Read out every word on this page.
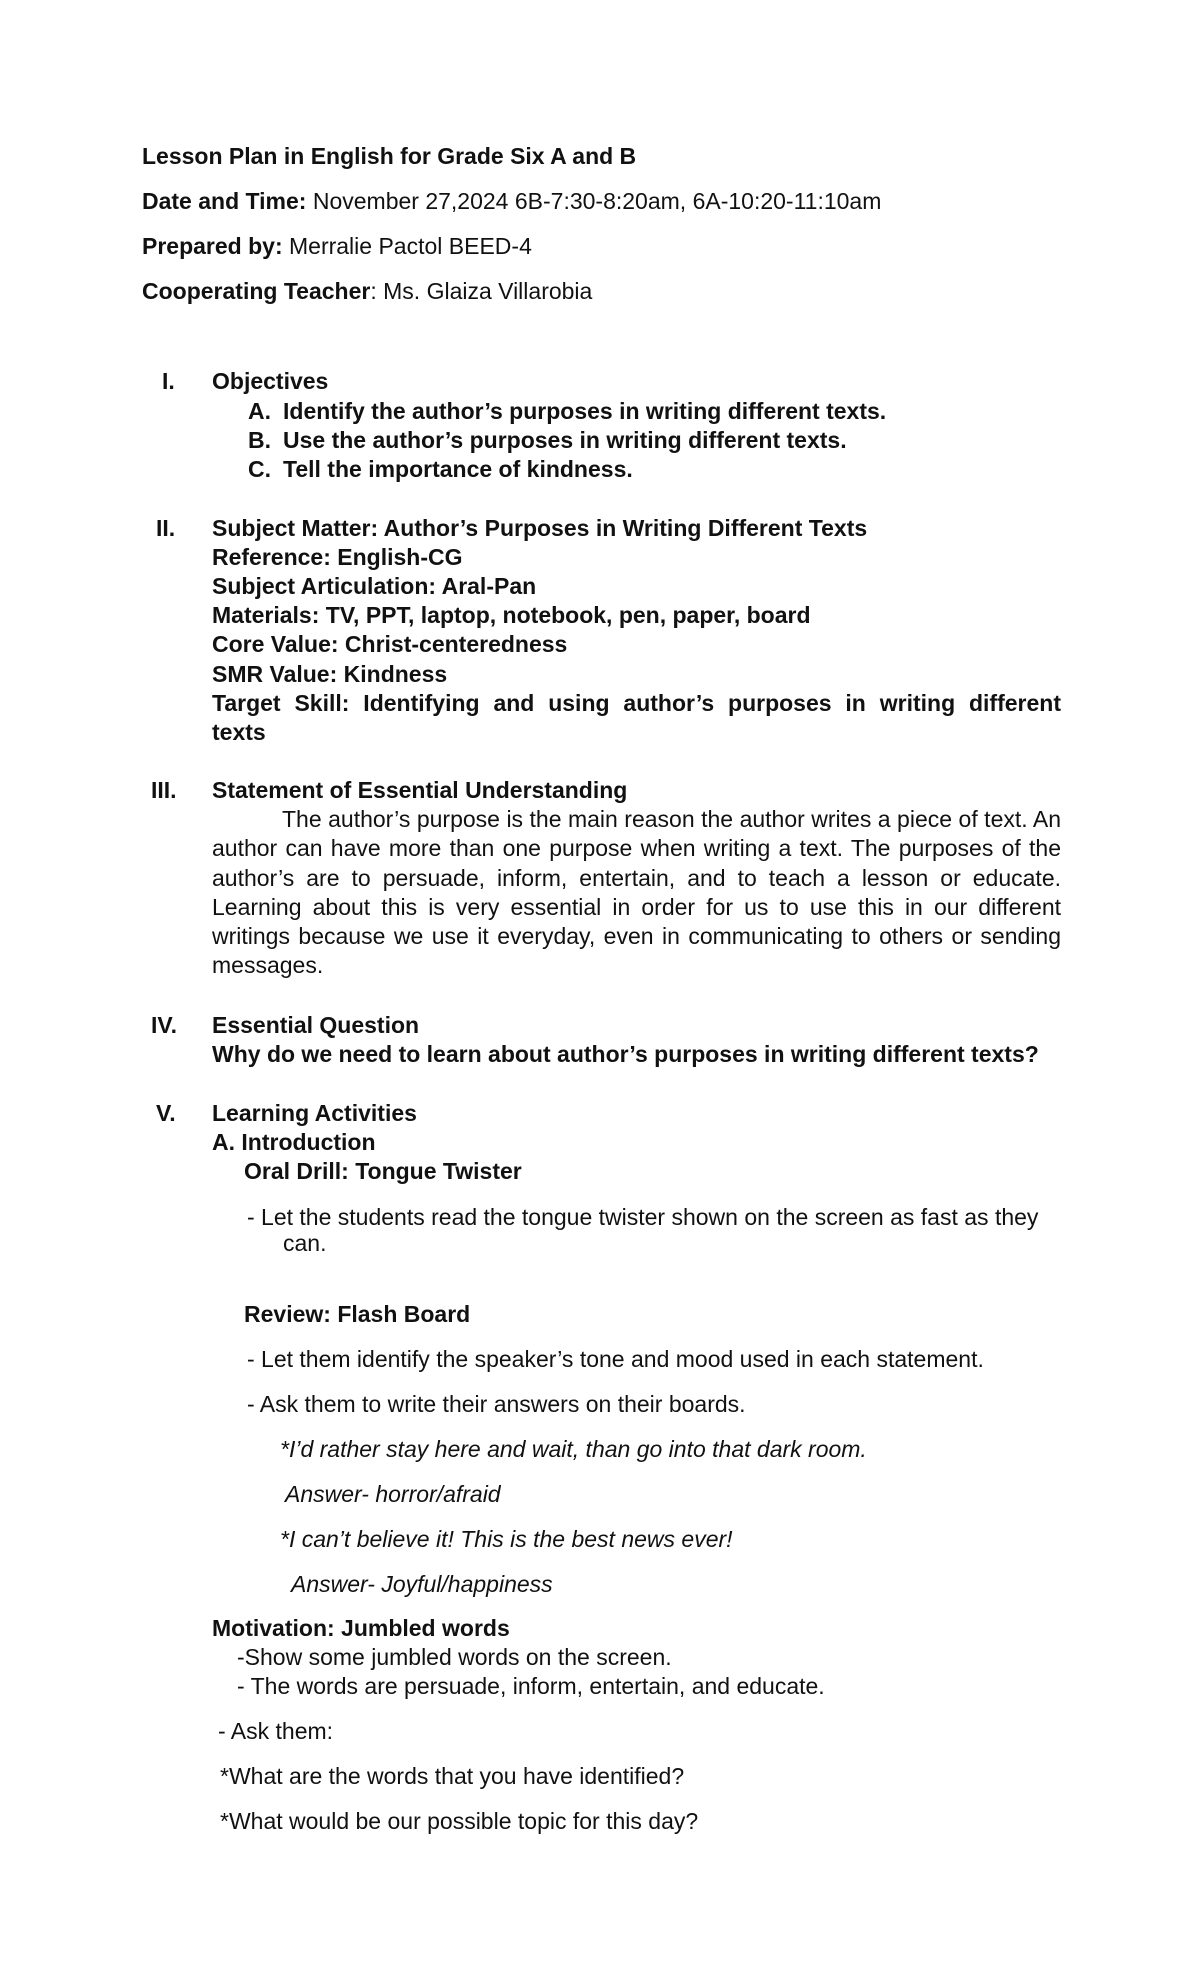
Lesson Plan in English for Grade Six A and B
Date and Time: November 27,2024 6B-7:30-8:20am, 6A-10:20-11:10am
Prepared by: Merralie Pactol BEED-4
Cooperating Teacher: Ms. Glaiza Villarobia
I. Objectives
A. Identify the author’s purposes in writing different texts.
B. Use the author’s purposes in writing different texts.
C. Tell the importance of kindness.
II. Subject Matter: Author’s Purposes in Writing Different Texts
Reference: English-CG
Subject Articulation: Aral-Pan
Materials: TV, PPT, laptop, notebook, pen, paper, board
Core Value: Christ-centeredness
SMR Value: Kindness
Target Skill: Identifying and using author’s purposes in writing different
texts
III. Statement of Essential Understanding
The author’s purpose is the main reason the author writes a piece of text. An author can have more than one purpose when writing a text. The purposes of the author’s are to persuade, inform, entertain, and to teach a lesson or educate. Learning about this is very essential in order for us to use this in our different writings because we use it everyday, even in communicating to others or sending messages.
IV. Essential Question
Why do we need to learn about author’s purposes in writing different texts?
V. Learning Activities
A. Introduction
Oral Drill: Tongue Twister
- Let the students read the tongue twister shown on the screen as fast as they
can.
Review: Flash Board
- Let them identify the speaker’s tone and mood used in each statement.
- Ask them to write their answers on their boards.
*I’d rather stay here and wait, than go into that dark room.
Answer- horror/afraid
*I can’t believe it! This is the best news ever!
Answer- Joyful/happiness
Motivation: Jumbled words
-Show some jumbled words on the screen.
- The words are persuade, inform, entertain, and educate.
- Ask them:
*What are the words that you have identified?
*What would be our possible topic for this day?
